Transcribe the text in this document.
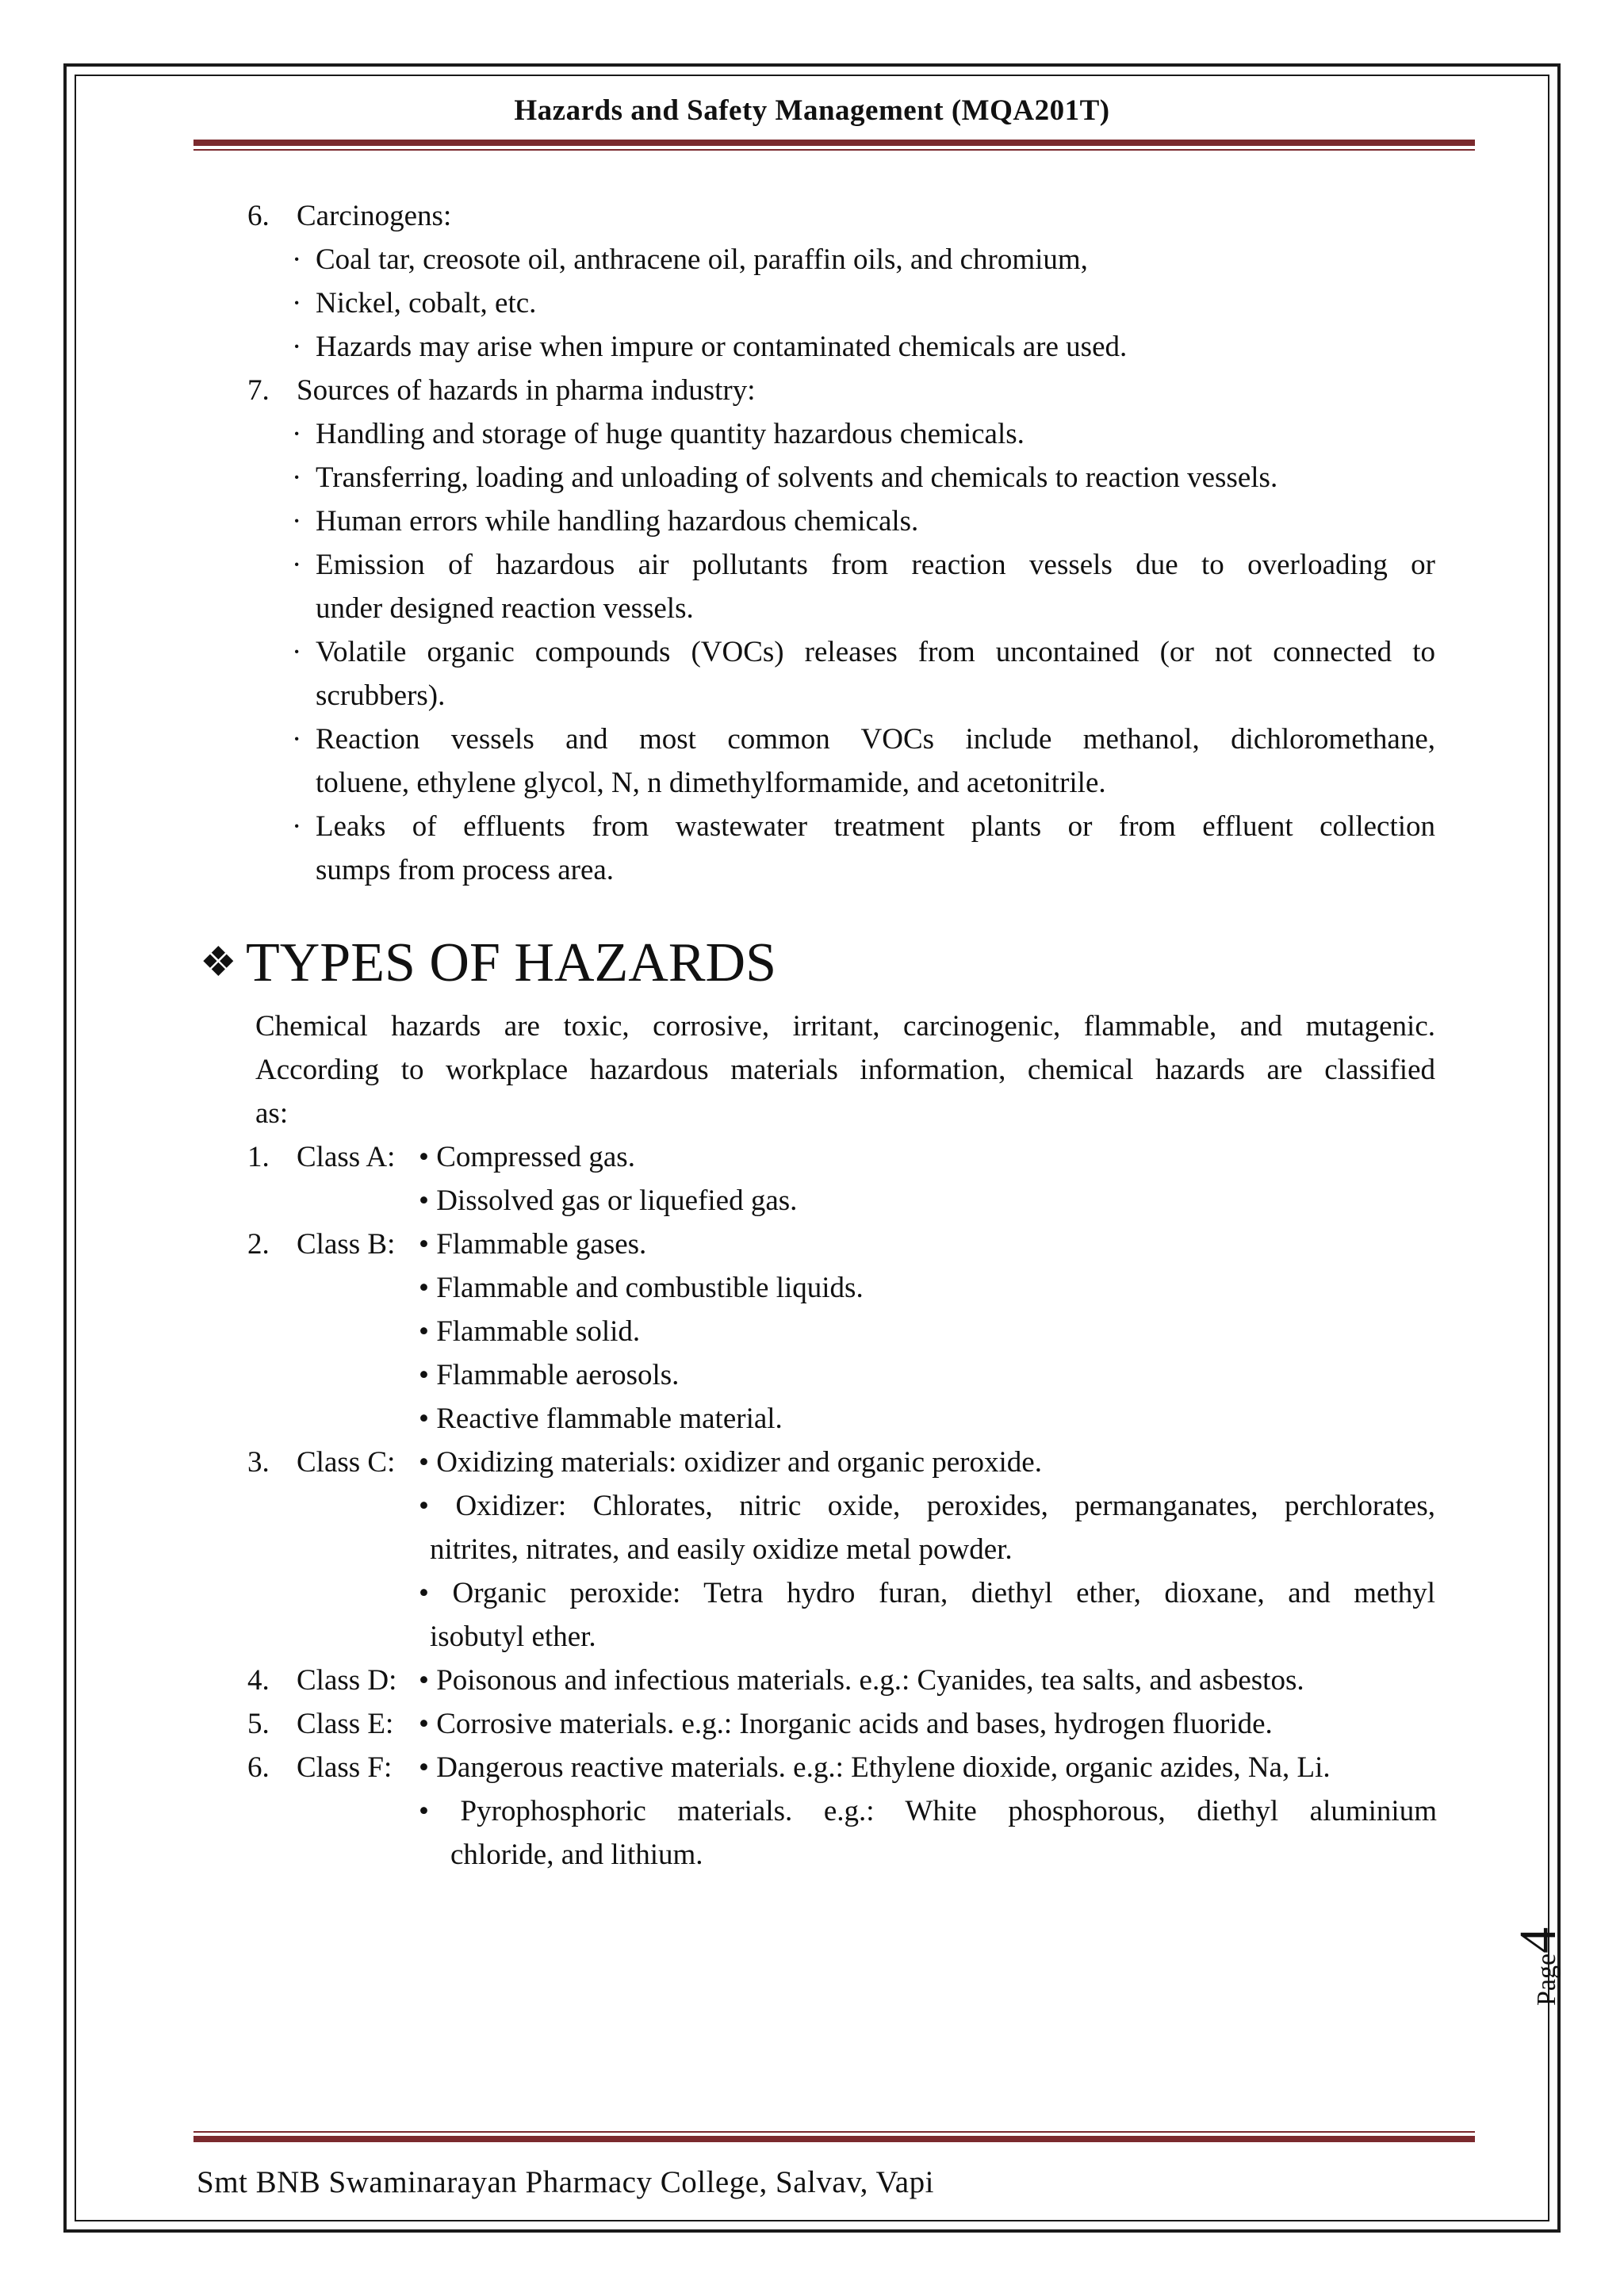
Hazards and Safety Management (MQA201T)
6. Carcinogens:
· Coal tar, creosote oil, anthracene oil, paraffin oils, and chromium,
· Nickel, cobalt, etc.
· Hazards may arise when impure or contaminated chemicals are used.
7. Sources of hazards in pharma industry:
· Handling and storage of huge quantity hazardous chemicals.
· Transferring, loading and unloading of solvents and chemicals to reaction vessels.
· Human errors while handling hazardous chemicals.
· Emission of hazardous air pollutants from reaction vessels due to overloading or
under designed reaction vessels.
· Volatile organic compounds (VOCs) releases from uncontained (or not connected to
scrubbers).
· Reaction vessels and most common VOCs include methanol, dichloromethane,
toluene, ethylene glycol, N, n dimethylformamide, and acetonitrile.
· Leaks of effluents from wastewater treatment plants or from effluent collection
sumps from process area.
❖ TYPES OF HAZARDS
Chemical hazards are toxic, corrosive, irritant, carcinogenic, flammable, and mutagenic.
According to workplace hazardous materials information, chemical hazards are classified
as:
1. Class A: • Compressed gas.
• Dissolved gas or liquefied gas.
2. Class B: • Flammable gases.
• Flammable and combustible liquids.
• Flammable solid.
• Flammable aerosols.
• Reactive flammable material.
3. Class C: • Oxidizing materials: oxidizer and organic peroxide.
• Oxidizer: Chlorates, nitric oxide, peroxides, permanganates, perchlorates,
nitrites, nitrates, and easily oxidize metal powder.
• Organic peroxide: Tetra hydro furan, diethyl ether, dioxane, and methyl
isobutyl ether.
4. Class D: • Poisonous and infectious materials. e.g.: Cyanides, tea salts, and asbestos.
5. Class E: • Corrosive materials. e.g.: Inorganic acids and bases, hydrogen fluoride.
6. Class F: • Dangerous reactive materials. e.g.: Ethylene dioxide, organic azides, Na, Li.
• Pyrophosphoric materials. e.g.: White phosphorous, diethyl aluminium
chloride, and lithium.
Page4
Smt BNB Swaminarayan Pharmacy College, Salvav, Vapi
